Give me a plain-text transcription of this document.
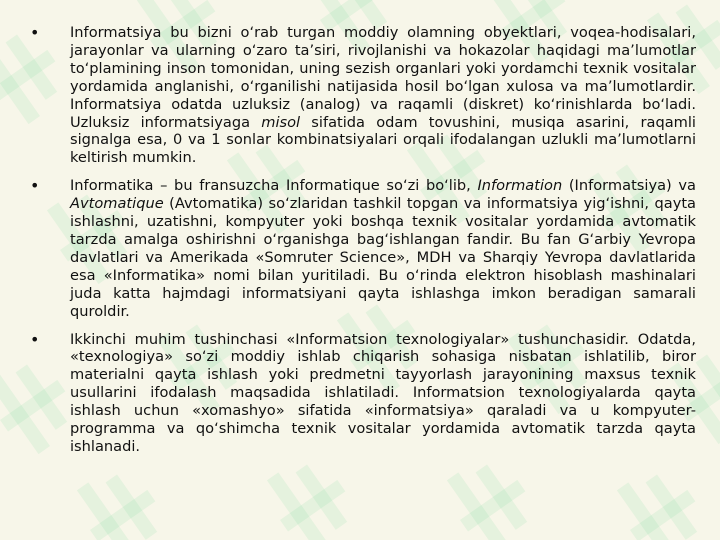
• Informatsiya bu bizni o‘rab turgan moddiy olamning obyektlari, voqea-hodisalari, jarayonlar va ularning o‘zaro ta’siri, rivojlanishi va hokazolar haqidagi ma’lumotlar to‘plamining inson tomonidan, uning sezish organlari yoki yordamchi texnik vositalar yordamida anglanishi, o‘rganilishi natijasida hosil bo‘lgan xulosa va ma’lumotlardir. Informatsiya odatda uzluksiz (analog) va raqamli (diskret) ko‘rinishlarda bo‘ladi. Uzluksiz informatsiyaga misol sifatida odam tovushini, musiqa asarini, raqamli signalga esa, 0 va 1 sonlar kombinatsiyalari orqali ifodalangan uzlukli ma’lumotlarni keltirish mumkin.
• Informatika – bu fransuzcha Informatique so‘zi bo‘lib, Information (Informatsiya) va Avtomatique (Avtomatika) so‘zlaridan tashkil topgan va informatsiya yig‘ishni, qayta ishlashni, uzatishni, kompyuter yoki boshqa texnik vositalar yordamida avtomatik tarzda amalga oshirishni o‘rganishga bag‘ishlangan fandir. Bu fan G‘arbiy Yevropa davlatlari va Amerikada «Somruter Science», MDH va Sharqiy Yevropa davlatlarida esa «Informatika» nomi bilan yuritiladi. Bu o‘rinda elektron hisoblash mashinalari juda katta hajmdagi informatsiyani qayta ishlashga imkon beradigan samarali quroldir.
• Ikkinchi muhim tushinchasi «Informatsion texnologiyalar» tushunchasidir. Odatda, «texnologiya» so‘zi moddiy ishlab chiqarish sohasiga nisbatan ishlatilib, biror materialni qayta ishlash yoki predmetni tayyorlash jarayonining maxsus texnik usullarini ifodalash maqsadida ishlatiladi. Informatsion texnologiyalarda qayta ishlash uchun «xomashyo» sifatida «informatsiya» qaraladi va u kompyuter-programma va qo‘shimcha texnik vositalar yordamida avtomatik tarzda qayta ishlanadi.
